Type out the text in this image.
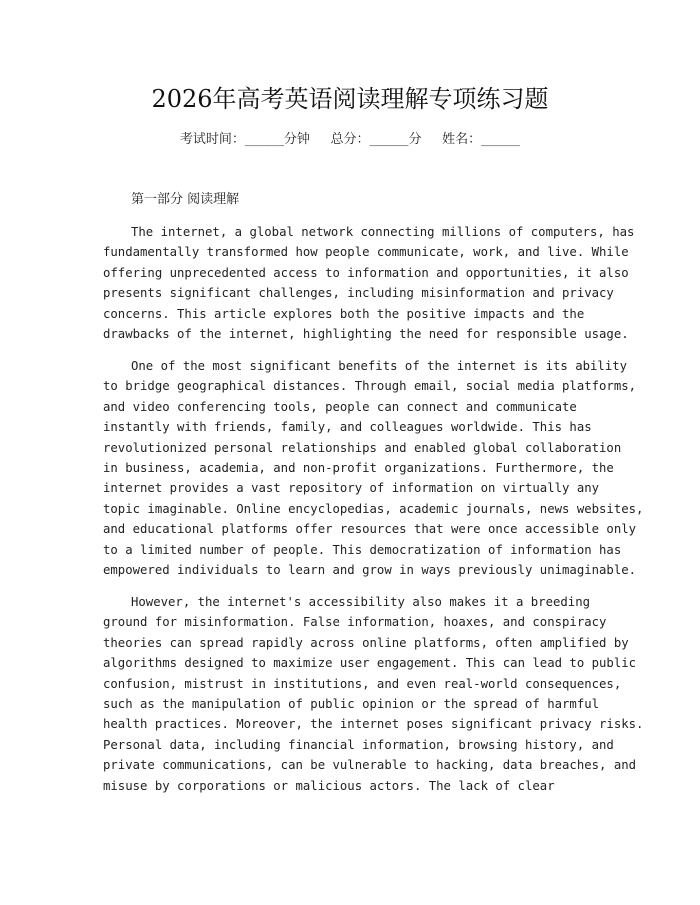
2026年高考英语阅读理解专项练习题
考试时间：______分钟     总分：______分     姓名：______
第一部分 阅读理解
The internet, a global network connecting millions of computers, has
fundamentally transformed how people communicate, work, and live. While
offering unprecedented access to information and opportunities, it also
presents significant challenges, including misinformation and privacy
concerns. This article explores both the positive impacts and the
drawbacks of the internet, highlighting the need for responsible usage.
One of the most significant benefits of the internet is its ability
to bridge geographical distances. Through email, social media platforms,
and video conferencing tools, people can connect and communicate
instantly with friends, family, and colleagues worldwide. This has
revolutionized personal relationships and enabled global collaboration
in business, academia, and non-profit organizations. Furthermore, the
internet provides a vast repository of information on virtually any
topic imaginable. Online encyclopedias, academic journals, news websites,
and educational platforms offer resources that were once accessible only
to a limited number of people. This democratization of information has
empowered individuals to learn and grow in ways previously unimaginable.
However, the internet's accessibility also makes it a breeding
ground for misinformation. False information, hoaxes, and conspiracy
theories can spread rapidly across online platforms, often amplified by
algorithms designed to maximize user engagement. This can lead to public
confusion, mistrust in institutions, and even real-world consequences,
such as the manipulation of public opinion or the spread of harmful
health practices. Moreover, the internet poses significant privacy risks.
Personal data, including financial information, browsing history, and
private communications, can be vulnerable to hacking, data breaches, and
misuse by corporations or malicious actors. The lack of clear
